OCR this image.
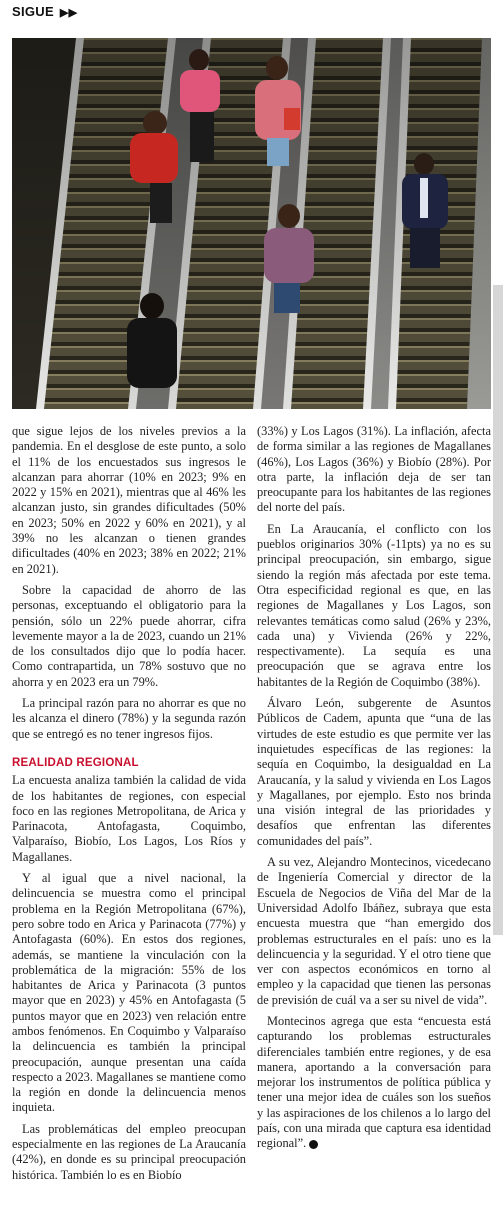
SIGUE ▶▶

que sigue lejos de los niveles previos a la pandemia. En el desglose de este punto, a solo el 11% de los encuestados sus ingresos le alcanzan para ahorrar (10% en 2023; 9% en 2022 y 15% en 2021), mientras que al 46% les alcanzan justo, sin grandes dificultades (50% en 2023; 50% en 2022 y 60% en 2021), y al 39% no les alcanzan o tienen grandes dificultades (40% en 2023; 38% en 2022; 21% en 2021).

Sobre la capacidad de ahorro de las personas, exceptuando el obligatorio para la pensión, sólo un 22% puede ahorrar, cifra levemente mayor a la de 2023, cuando un 21% de los consultados dijo que lo podía hacer. Como contrapartida, un 78% sostuvo que no ahorra y en 2023 era un 79%.

La principal razón para no ahorrar es que no les alcanza el dinero (78%) y la segunda razón que se entregó es no tener ingresos fijos.

REALIDAD REGIONAL

La encuesta analiza también la calidad de vida de los habitantes de regiones, con especial foco en las regiones Metropolitana, de Arica y Parinacota, Antofagasta, Coquimbo, Valparaíso, Biobío, Los Lagos, Los Ríos y Magallanes.

Y al igual que a nivel nacional, la delincuencia se muestra como el principal problema en la Región Metropolitana (67%), pero sobre todo en Arica y Parinacota (77%) y Antofagasta (60%). En estos dos regiones, además, se mantiene la vinculación con la problemática de la migración: 55% de los habitantes de Arica y Parinacota (3 puntos mayor que en 2023) y 45% en Antofagasta (5 puntos mayor que en 2023) ven relación entre ambos fenómenos. En Coquimbo y Valparaíso la delincuencia es también la principal preocupación, aunque presentan una caída respecto a 2023. Magallanes se mantiene como la región en donde la delincuencia menos inquieta.

Las problemáticas del empleo preocupan especialmente en las regiones de La Araucanía (42%), en donde es su principal preocupación histórica. También lo es en Biobío

(33%) y Los Lagos (31%). La inflación, afecta de forma similar a las regiones de Magallanes (46%), Los Lagos (36%) y Biobío (28%). Por otra parte, la inflación deja de ser tan preocupante para los habitantes de las regiones del norte del país.

En La Araucanía, el conflicto con los pueblos originarios 30% (-11pts) ya no es su principal preocupación, sin embargo, sigue siendo la región más afectada por este tema. Otra especificidad regional es que, en las regiones de Magallanes y Los Lagos, son relevantes temáticas como salud (26% y 23%, cada una) y Vivienda (26% y 22%, respectivamente). La sequía es una preocupación que se agrava entre los habitantes de la Región de Coquimbo (38%).

Álvaro León, subgerente de Asuntos Públicos de Cadem, apunta que “una de las virtudes de este estudio es que permite ver las inquietudes específicas de las regiones: la sequía en Coquimbo, la desigualdad en La Araucanía, y la salud y vivienda en Los Lagos y Magallanes, por ejemplo. Esto nos brinda una visión integral de las prioridades y desafíos que enfrentan las diferentes comunidades del país”.

A su vez, Alejandro Montecinos, vicedecano de Ingeniería Comercial y director de la Escuela de Negocios de Viña del Mar de la Universidad Adolfo Ibáñez, subraya que esta encuesta muestra que “han emergido dos problemas estructurales en el país: uno es la delincuencia y la seguridad. Y el otro tiene que ver con aspectos económicos en torno al empleo y la capacidad que tienen las personas de previsión de cuál va a ser su nivel de vida”.

Montecinos agrega que esta “encuesta está capturando los problemas estructurales diferenciales también entre regiones, y de esa manera, aportando a la conversación para mejorar los instrumentos de política pública y tener una mejor idea de cuáles son los sueños y las aspiraciones de los chilenos a lo largo del país, con una mirada que captura esa identidad regional”.
